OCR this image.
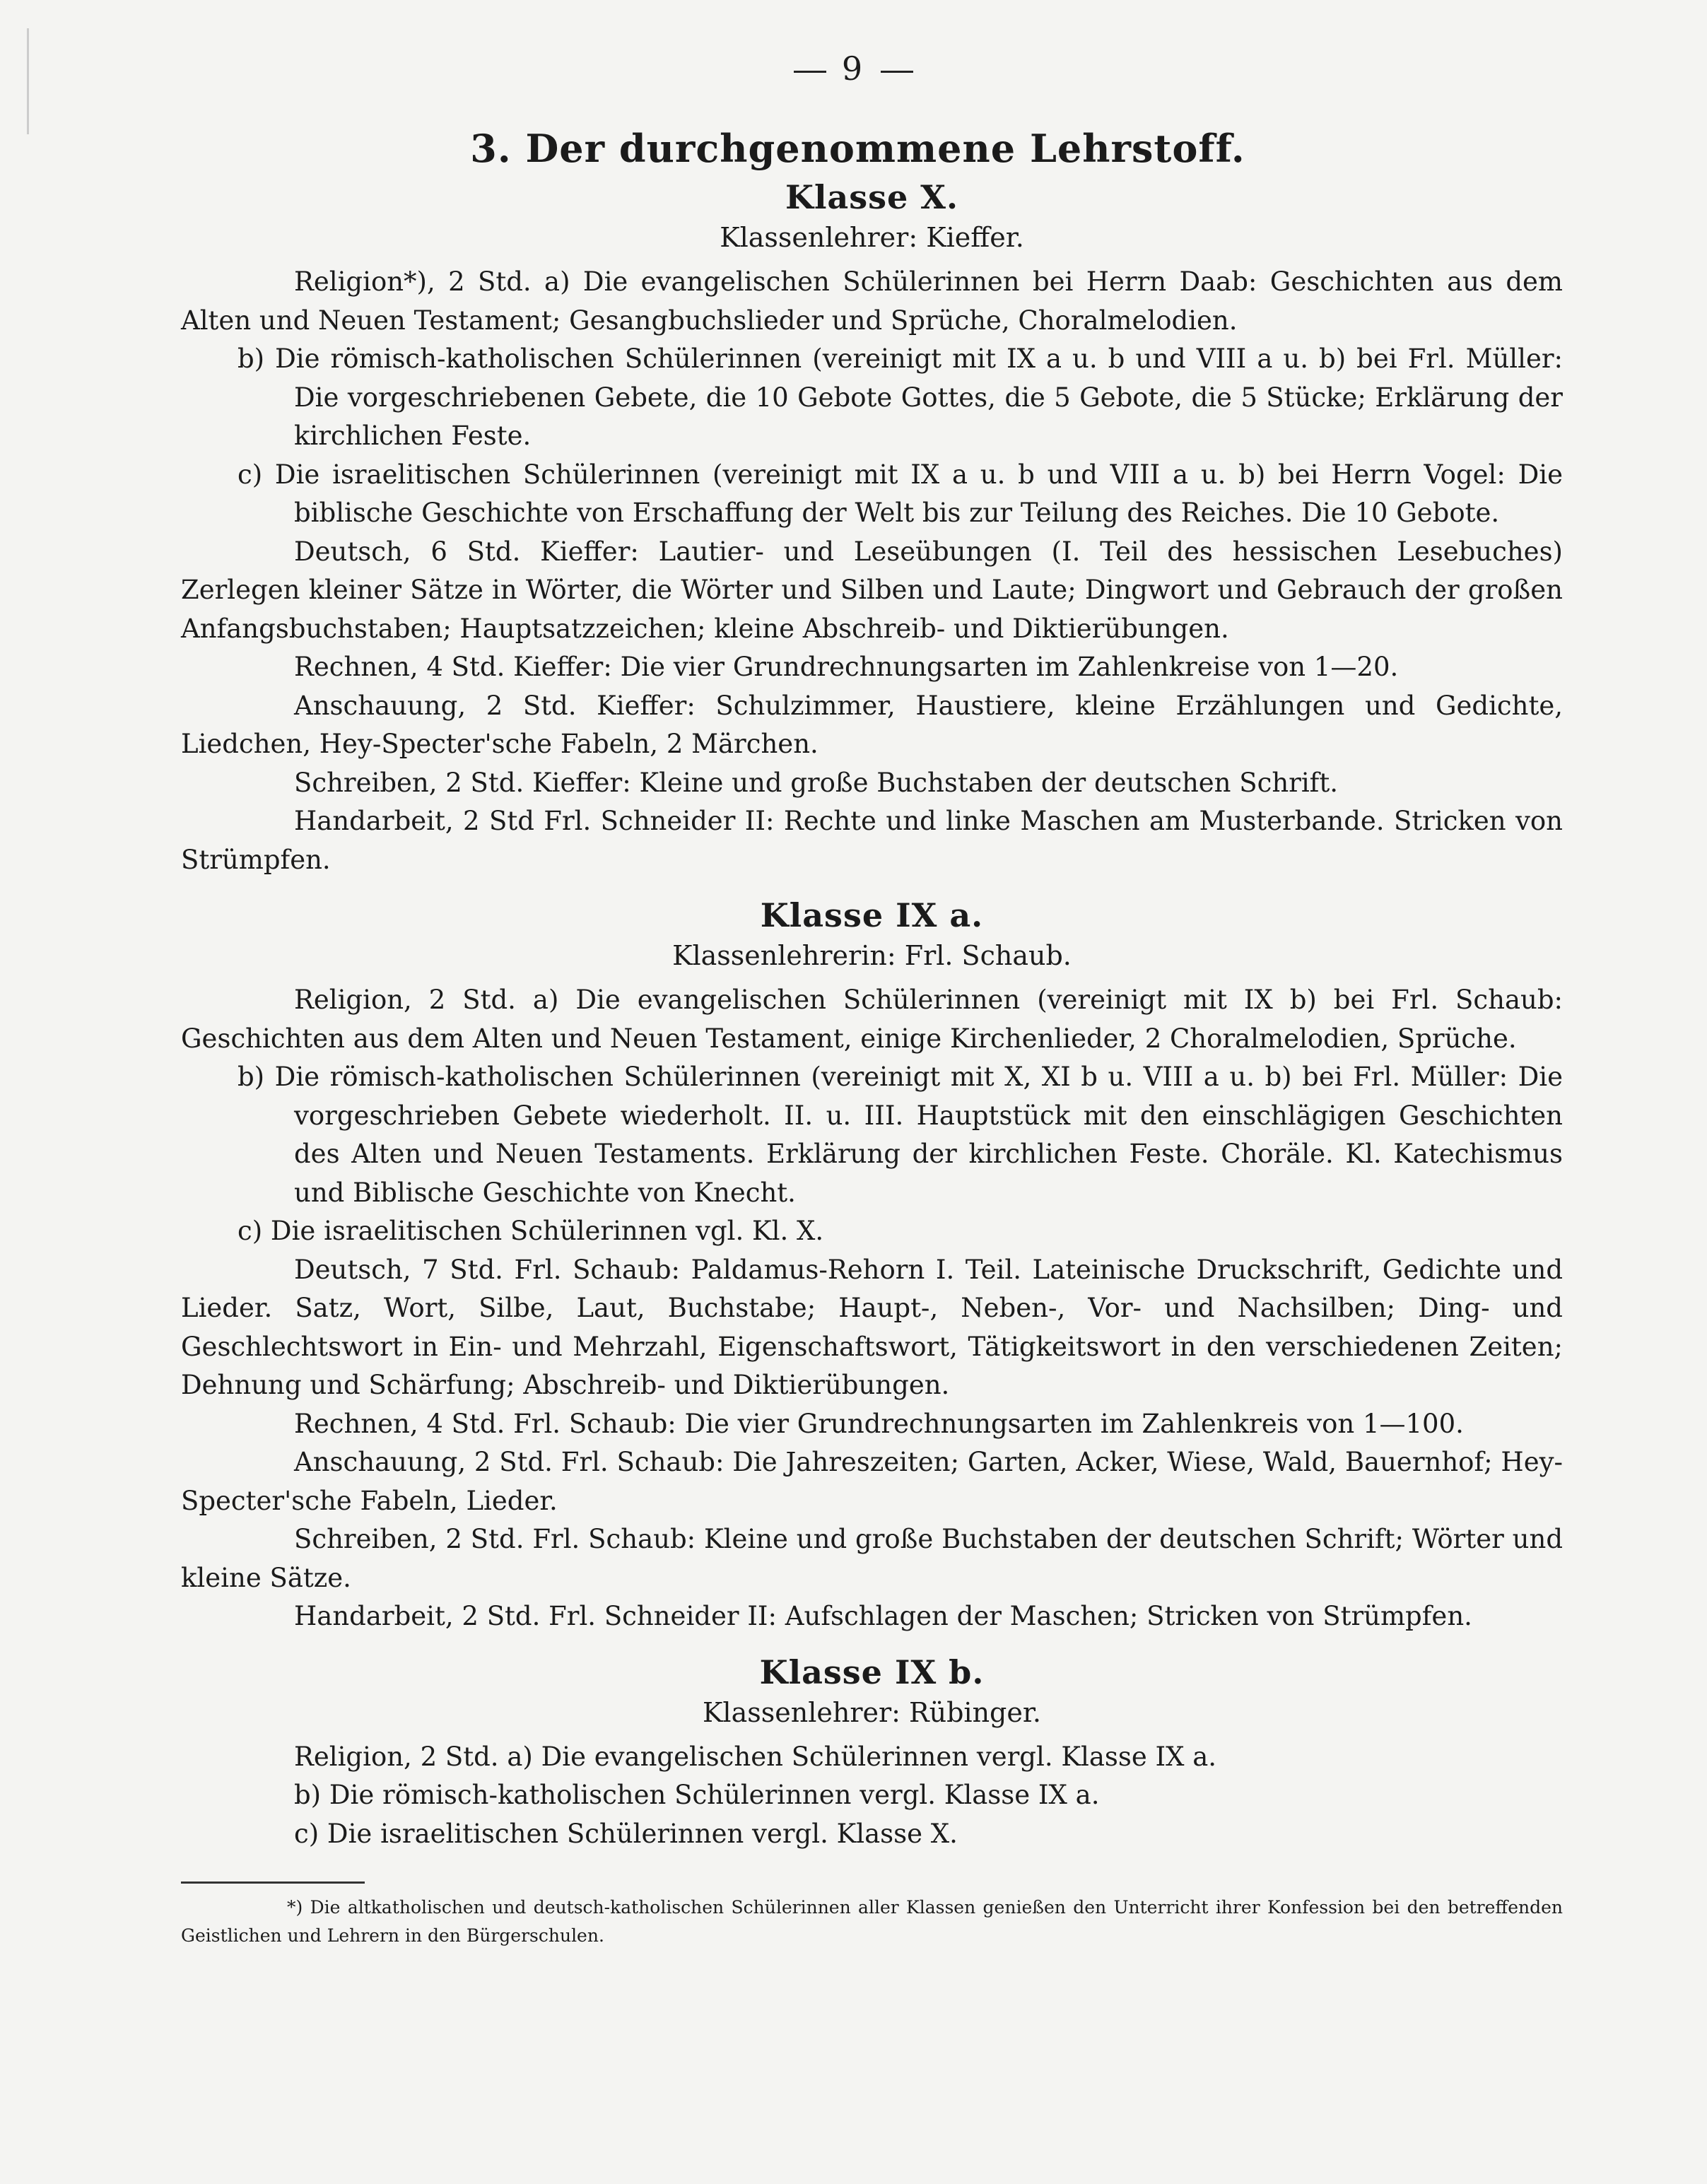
9
3. Der durchgenommene Lehrstoff.
Klasse X.
Klassenlehrer: Kieffer.

Religion*), 2 Std. a) Die evangelischen Schülerinnen bei Herrn Daab: Geschichten aus dem Alten und Neuen Testament; Gesangbuchslieder und Sprüche, Choralmelodien.

b) Die römisch-katholischen Schülerinnen (vereinigt mit IX a u. b und VIII a u. b) bei Frl. Müller: Die vorgeschriebenen Gebete, die 10 Gebote Gottes, die 5 Gebote, die 5 Stücke; Erklärung der kirchlichen Feste.

c) Die israelitischen Schülerinnen (vereinigt mit IX a u. b und VIII a u. b) bei Herrn Vogel: Die biblische Geschichte von Erschaffung der Welt bis zur Teilung des Reiches. Die 10 Gebote.

Deutsch, 6 Std. Kieffer: Lautier- und Leseübungen (I. Teil des hessischen Lesebuches) Zerlegen kleiner Sätze in Wörter, die Wörter und Silben und Laute; Dingwort und Gebrauch der großen Anfangsbuchstaben; Hauptsatzzeichen; kleine Abschreib- und Diktierübungen.

Rechnen, 4 Std. Kieffer: Die vier Grundrechnungsarten im Zahlenkreise von 1—20.

Anschauung, 2 Std. Kieffer: Schulzimmer, Haustiere, kleine Erzählungen und Gedichte, Liedchen, Hey-Specter'sche Fabeln, 2 Märchen.

Schreiben, 2 Std. Kieffer: Kleine und große Buchstaben der deutschen Schrift.

Handarbeit, 2 Std Frl. Schneider II: Rechte und linke Maschen am Musterbande. Stricken von Strümpfen.

Klasse IX a.
Klassenlehrerin: Frl. Schaub.

Religion, 2 Std. a) Die evangelischen Schülerinnen (vereinigt mit IX b) bei Frl. Schaub: Geschichten aus dem Alten und Neuen Testament, einige Kirchenlieder, 2 Choralmelodien, Sprüche.

b) Die römisch-katholischen Schülerinnen (vereinigt mit X, XI b u. VIII a u. b) bei Frl. Müller: Die vorgeschrieben Gebete wiederholt. II. u. III. Hauptstück mit den einschlägigen Geschichten des Alten und Neuen Testaments. Erklärung der kirchlichen Feste. Choräle. Kl. Katechismus und Biblische Geschichte von Knecht.

c) Die israelitischen Schülerinnen vgl. Kl. X.

Deutsch, 7 Std. Frl. Schaub: Paldamus-Rehorn I. Teil. Lateinische Druckschrift, Gedichte und Lieder. Satz, Wort, Silbe, Laut, Buchstabe; Haupt-, Neben-, Vor- und Nachsilben; Ding- und Geschlechtswort in Ein- und Mehrzahl, Eigenschaftswort, Tätigkeitswort in den verschiedenen Zeiten; Dehnung und Schärfung; Abschreib- und Diktierübungen.

Rechnen, 4 Std. Frl. Schaub: Die vier Grundrechnungsarten im Zahlenkreis von 1—100.

Anschauung, 2 Std. Frl. Schaub: Die Jahreszeiten; Garten, Acker, Wiese, Wald, Bauernhof; Hey-Specter'sche Fabeln, Lieder.

Schreiben, 2 Std. Frl. Schaub: Kleine und große Buchstaben der deutschen Schrift; Wörter und kleine Sätze.

Handarbeit, 2 Std. Frl. Schneider II: Aufschlagen der Maschen; Stricken von Strümpfen.

Klasse IX b.
Klassenlehrer: Rübinger.

Religion, 2 Std. a) Die evangelischen Schülerinnen vergl. Klasse IX a.

b) Die römisch-katholischen Schülerinnen vergl. Klasse IX a.

c) Die israelitischen Schülerinnen vergl. Klasse X.

*) Die altkatholischen und deutsch-katholischen Schülerinnen aller Klassen genießen den Unterricht ihrer Konfession bei den betreffenden Geistlichen und Lehrern in den Bürgerschulen.
